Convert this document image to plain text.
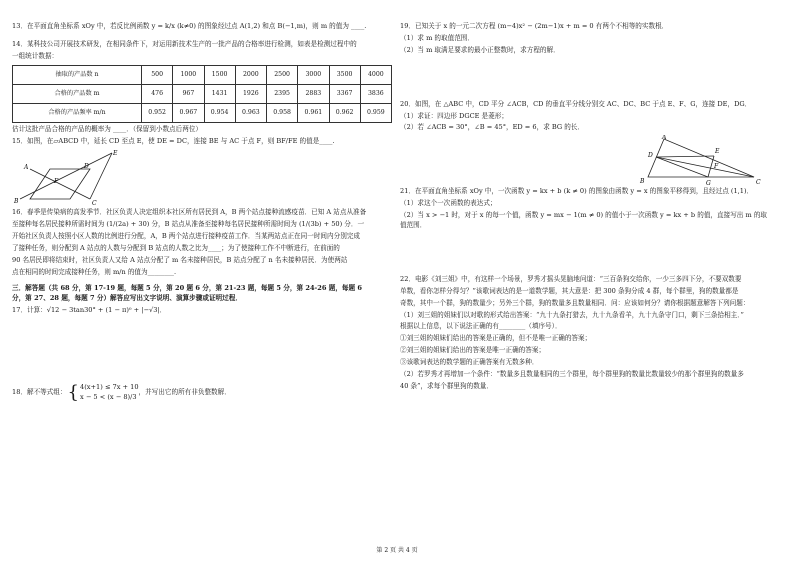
13．在平面直角坐标系 xOy 中，若反比例函数 y = k/x (k≠0) 的图象经过点 A(1,2) 和点 B(−1,m)，则 m 的值为 ____.

14．某科技公司开展技术研发，在相同条件下，对运用新技术生产的一批产品的合格率进行检测，如表是检测过程中的

一组统计数据：

抽取的产品数 n	500	1000	1500	2000	2500	3000	3500	4000
合格的产品数 m	476	967	1431	1926	2395	2883	3367	3836
合格的产品频率 m/n	0.952	0.967	0.954	0.963	0.958	0.961	0.962	0.959

估计这批产品合格的产品的概率为 ____．（保留到小数点后两位）

15．如图，在▱ABCD 中，延长 CD 至点 E，使 DE = DC，连接 BE 与 AC 于点 F，则 BF/FE 的值是____.

A
B	C
D
E
F

16．春季是传染病的高发季节．社区负责人决定组织本社区所有居民到 A，B 两个站点接种流感疫苗．已知 A 站点从准备

至接种每名居民接种所需时间为 (1/(2a) + 30) 分，B 站点从准备至接种每名居民接种所需时间为 (1/(3b) + 50) 分．一

开始社区负责人按照小区人数的比例进行分配，A，B 两个站点进行接种疫苗工作．当某两站点正在同一时间内分别完成

了接种任务，则分配到 A 站点的人数与分配到 B 站点的人数之比为____；为了使接种工作不中断进行，在前面的

90 名居民即将结束时，社区负责人又给 A 站点分配了 m 名未接种居民，B 站点分配了 n 名未接种居民．为使两站

点在相同的时间完成接种任务，则 m/n 的值为________.

三．解答题（共 68 分，第 17-19 题，每题 5 分，第 20 题 6 分，第 21-23 题，每题 5 分，第 24-26 题，每题 6 分，第 27、28 题，每题 7 分）解答应写出文字说明、演算步骤或证明过程．

17．计算：√12 − 3tan30° + (1 − π)⁰ + |−√3|．

18．解不等式组： { 4(x+1) ≤ 7x + 10
x − 5 < (x − 8)/3
，并写出它的所有非负整数解．

19．已知关于 x 的一元二次方程 (m−4)x² − (2m−1)x + m = 0 有两个不相等的实数根．

（1）求 m 的取值范围．

（2）当 m 取满足要求的最小正整数时，求方程的解．

20．如图，在 △ABC 中，CD 平分 ∠ACB，CD 的垂直平分线分别交 AC、DC、BC 于点 E、F、G，连接 DE，DG．

（1）求证：四边形 DGCE 是菱形；

（2）若 ∠ACB = 30°，∠B = 45°，ED = 6，求 BG 的长．

A
B	C
D
E
F
G

21．在平面直角坐标系 xOy 中，一次函数 y = kx + b (k ≠ 0) 的图象由函数 y = x 的图象平移得到，且经过点 (1,1)．

（1）求这个一次函数的表达式；

（2）当 x > −1 时，对于 x 的每一个值，函数 y = mx − 1(m ≠ 0) 的值小于一次函数 y = kx + b 的值，直接写出 m 的取值范围．

22．电影《刘三姐》中，有这样一个场景，罗秀才摇头晃脑地问道：“三百条狗交给你，一少三多四下分，不要双数要

单数，看你怎样分得匀？”该歌词表达的是一道数学题，其大意是：把 300 条狗分成 4 群，每个群里，狗的数量都是

奇数，其中一个群，狗的数量少；另外三个群，狗的数量多且数量相同．问：应该如何分？请你根据题意解答下列问题：

（1）刘三姐的姐妹们以对歌的形式给出答案：“九十九条打猎去，九十九条看羊，九十九条守门口，剩下三条拾相主．”

根据以上信息，以下说法正确的有________（填序号）．

①刘三姐的姐妹们给出的答案是正确的，但不是唯一正确的答案；

②刘三姐的姐妹们给出的答案是唯一正确的答案；

③该歌词表达的数学题的正确答案有无数多种．

（2）若罗秀才再增加一个条件：“数量多且数量相同的三个群里，每个群里狗的数量比数量较少的那个群里狗的数量多

40 条”，求每个群里狗的数量．

第 2 页 共 4 页
